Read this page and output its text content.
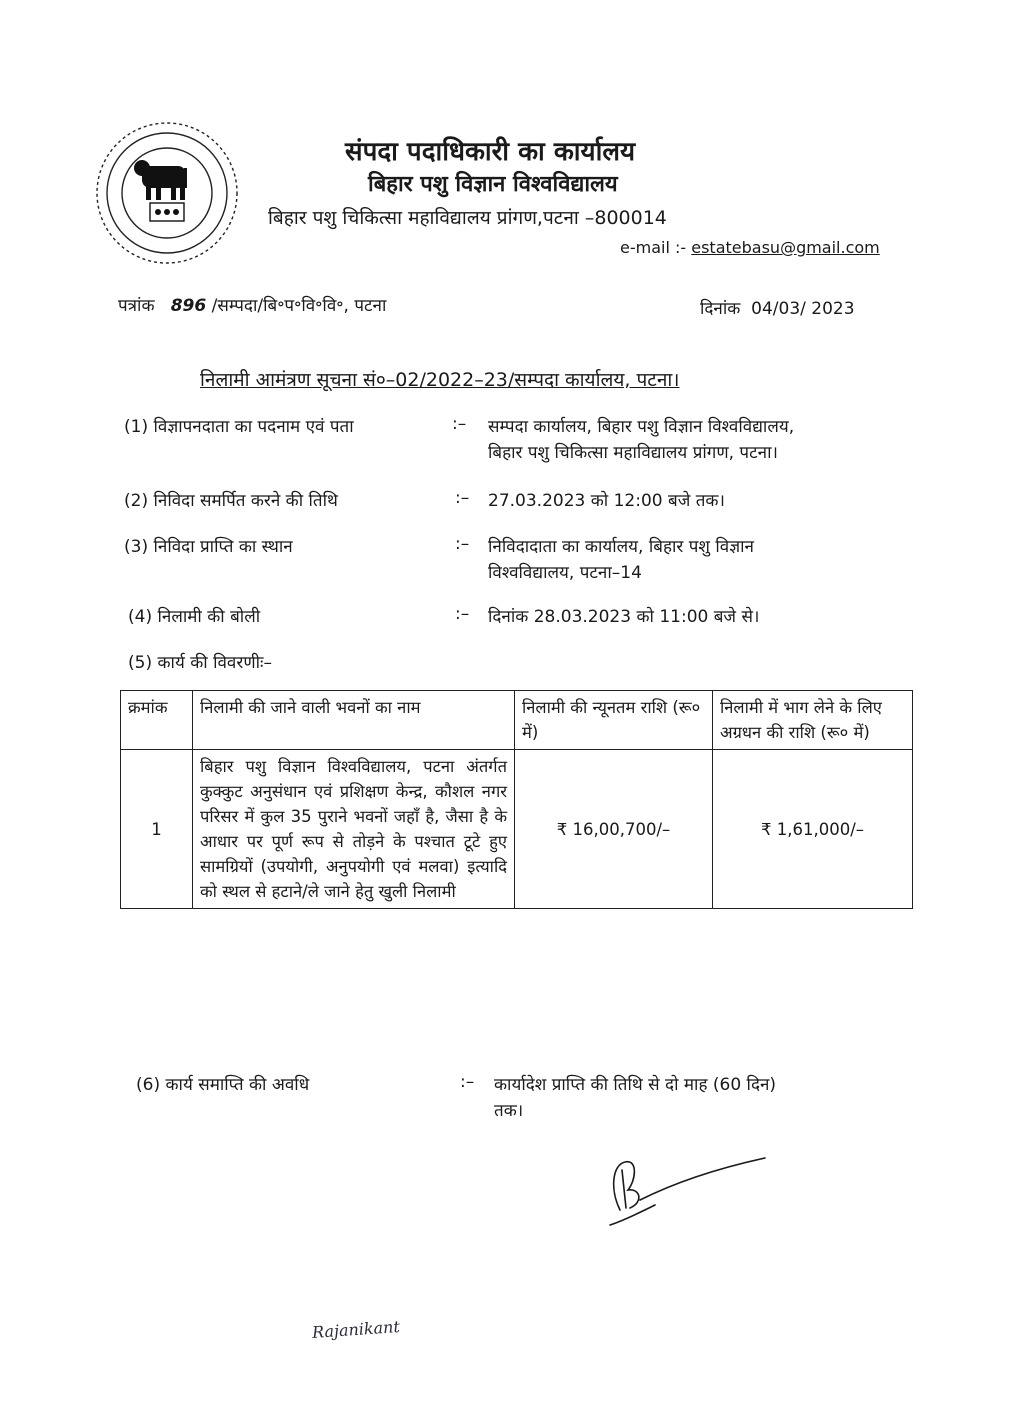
संपदा पदाधिकारी का कार्यालय
बिहार पशु विज्ञान विश्वविद्यालय
बिहार पशु चिकित्सा महाविद्यालय प्रांगण,पटना –800014
e-mail :- estatebasu@gmail.com
पत्रांक 896 /सम्पदा/बि॰प॰वि॰वि॰, पटना	दिनांक 04/03/ 2023
निलामी आमंत्रण सूचना सं०–02/2022–23/सम्पदा कार्यालय, पटना।
(1) विज्ञापनदाता का पदनाम एवं पता	:– सम्पदा कार्यालय, बिहार पशु विज्ञान विश्वविद्यालय,
बिहार पशु चिकित्सा महाविद्यालय प्रांगण, पटना।
(2) निविदा समर्पित करने की तिथि	:– 27.03.2023 को 12:00 बजे तक।
(3) निविदा प्राप्ति का स्थान	:– निविदादाता का कार्यालय, बिहार पशु विज्ञान
विश्वविद्यालय, पटना–14
(4) निलामी की बोली	:– दिनांक 28.03.2023 को 11:00 बजे से।
(5) कार्य की विवरणीः–
क्रमांक	निलामी की जाने वाली भवनों का नाम	निलामी की न्यूनतम राशि (रू० में)	निलामी में भाग लेने के लिए अग्रधन की राशि (रू० में)
1	बिहार पशु विज्ञान विश्वविद्यालय, पटना अंतर्गत कुक्कुट अनुसंधान एवं प्रशिक्षण केन्द्र, कौशल नगर परिसर में कुल 35 पुराने भवनों जहाँ है, जैसा है के आधार पर पूर्ण रूप से तोड़ने के पश्चात टूटे हुए सामग्रियों (उपयोगी, अनुपयोगी एवं मलवा) इत्यादि को स्थल से हटाने/ले जाने हेतु खुली निलामी	₹ 16,00,700/–	₹ 1,61,000/–
(6) कार्य समाप्ति की अवधि	:– कार्यादेश प्राप्ति की तिथि से दो माह (60 दिन)
तक।
Rajanikant
